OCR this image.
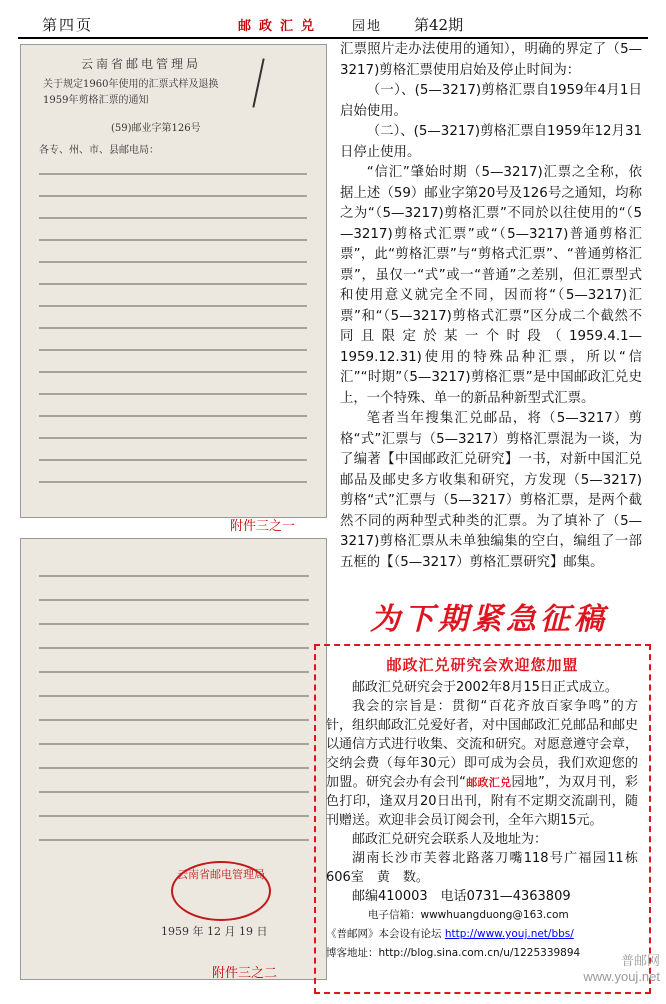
第四页	邮政汇兑 园地 第42期
云南省邮电管理局
关于规定1960年使用的汇票式样及退换1959年剪格汇票的通知
(59)邮业字第126号
各专、州、市、县邮电局：
附件三之一
云南省邮电管理局
1959 年 12 月 19 日
附件三之二

汇票照片走办法使用的通知），明确的界定了（5—3217)剪格汇票使用启始及停止时间为：

（一）、(5—3217)剪格汇票自1959年4月1日启始使用。

（二）、(5—3217)剪格汇票自1959年12月31日停止使用。

“信汇”肇始时期（5—3217)汇票之全称，依据上述（59）邮业字第20号及126号之通知，均称之为“（5—3217)剪格汇票”不同於以往使用的“（5—3217)剪格式汇票”或“（5—3217)普通剪格汇票”，此“剪格汇票”与“剪格式汇票”、“普通剪格汇票”，虽仅一“式”或一“普通”之差别，但汇票型式和使用意义就完全不同，因而将“（5—3217)汇票”和“（5—3217)剪格式汇票”区分成二个截然不同且限定於某一个时段（1959.4.1—1959.12.31)使用的特殊品种汇票，所以“信汇”“时期”（5—3217)剪格汇票”是中国邮政汇兑史上，一个特殊、单一的新品种新型式汇票。

笔者当年搜集汇兑邮品，将（5—3217）剪格“式”汇票与（5—3217）剪格汇票混为一谈，为了编著【中国邮政汇兑研究】一书，对新中国汇兑邮品及邮史多方收集和研究，方发现（5—3217)剪格“式”汇票与（5—3217）剪格汇票，是两个截然不同的两种型式种类的汇票。为了填补了（5—3217)剪格汇票从未单独编集的空白，编组了一部五框的【（5—3217）剪格汇票研究】邮集。

为下期紧急征稿
邮政汇兑研究会欢迎您加盟

邮政汇兑研究会于2002年8月15日正式成立。

我会的宗旨是：贯彻“百花齐放百家争鸣”的方针，组织邮政汇兑爱好者，对中国邮政汇兑邮品和邮史以通信方式进行收集、交流和研究。对愿意遵守会章，交纳会费（每年30元）即可成为会员，我们欢迎您的加盟。研究会办有会刊“邮政汇兑园地”，为双月刊，彩色打印，逢双月20日出刊，附有不定期交流副刊，随刊赠送。欢迎非会员订阅会刊，全年六期15元。

邮政汇兑研究会联系人及地址为：

湖南长沙市芙蓉北路落刀嘴118号广福园11栋606室　黄　数。

邮编410003　电话0731—4363809

电子信箱：wwwhuangduong@163.com

《普邮网》本会设有论坛 http://www.youj.net/bbs/

博客地址：http://blog.sina.com.cn/u/1225339894	普邮网 www.youj.net
